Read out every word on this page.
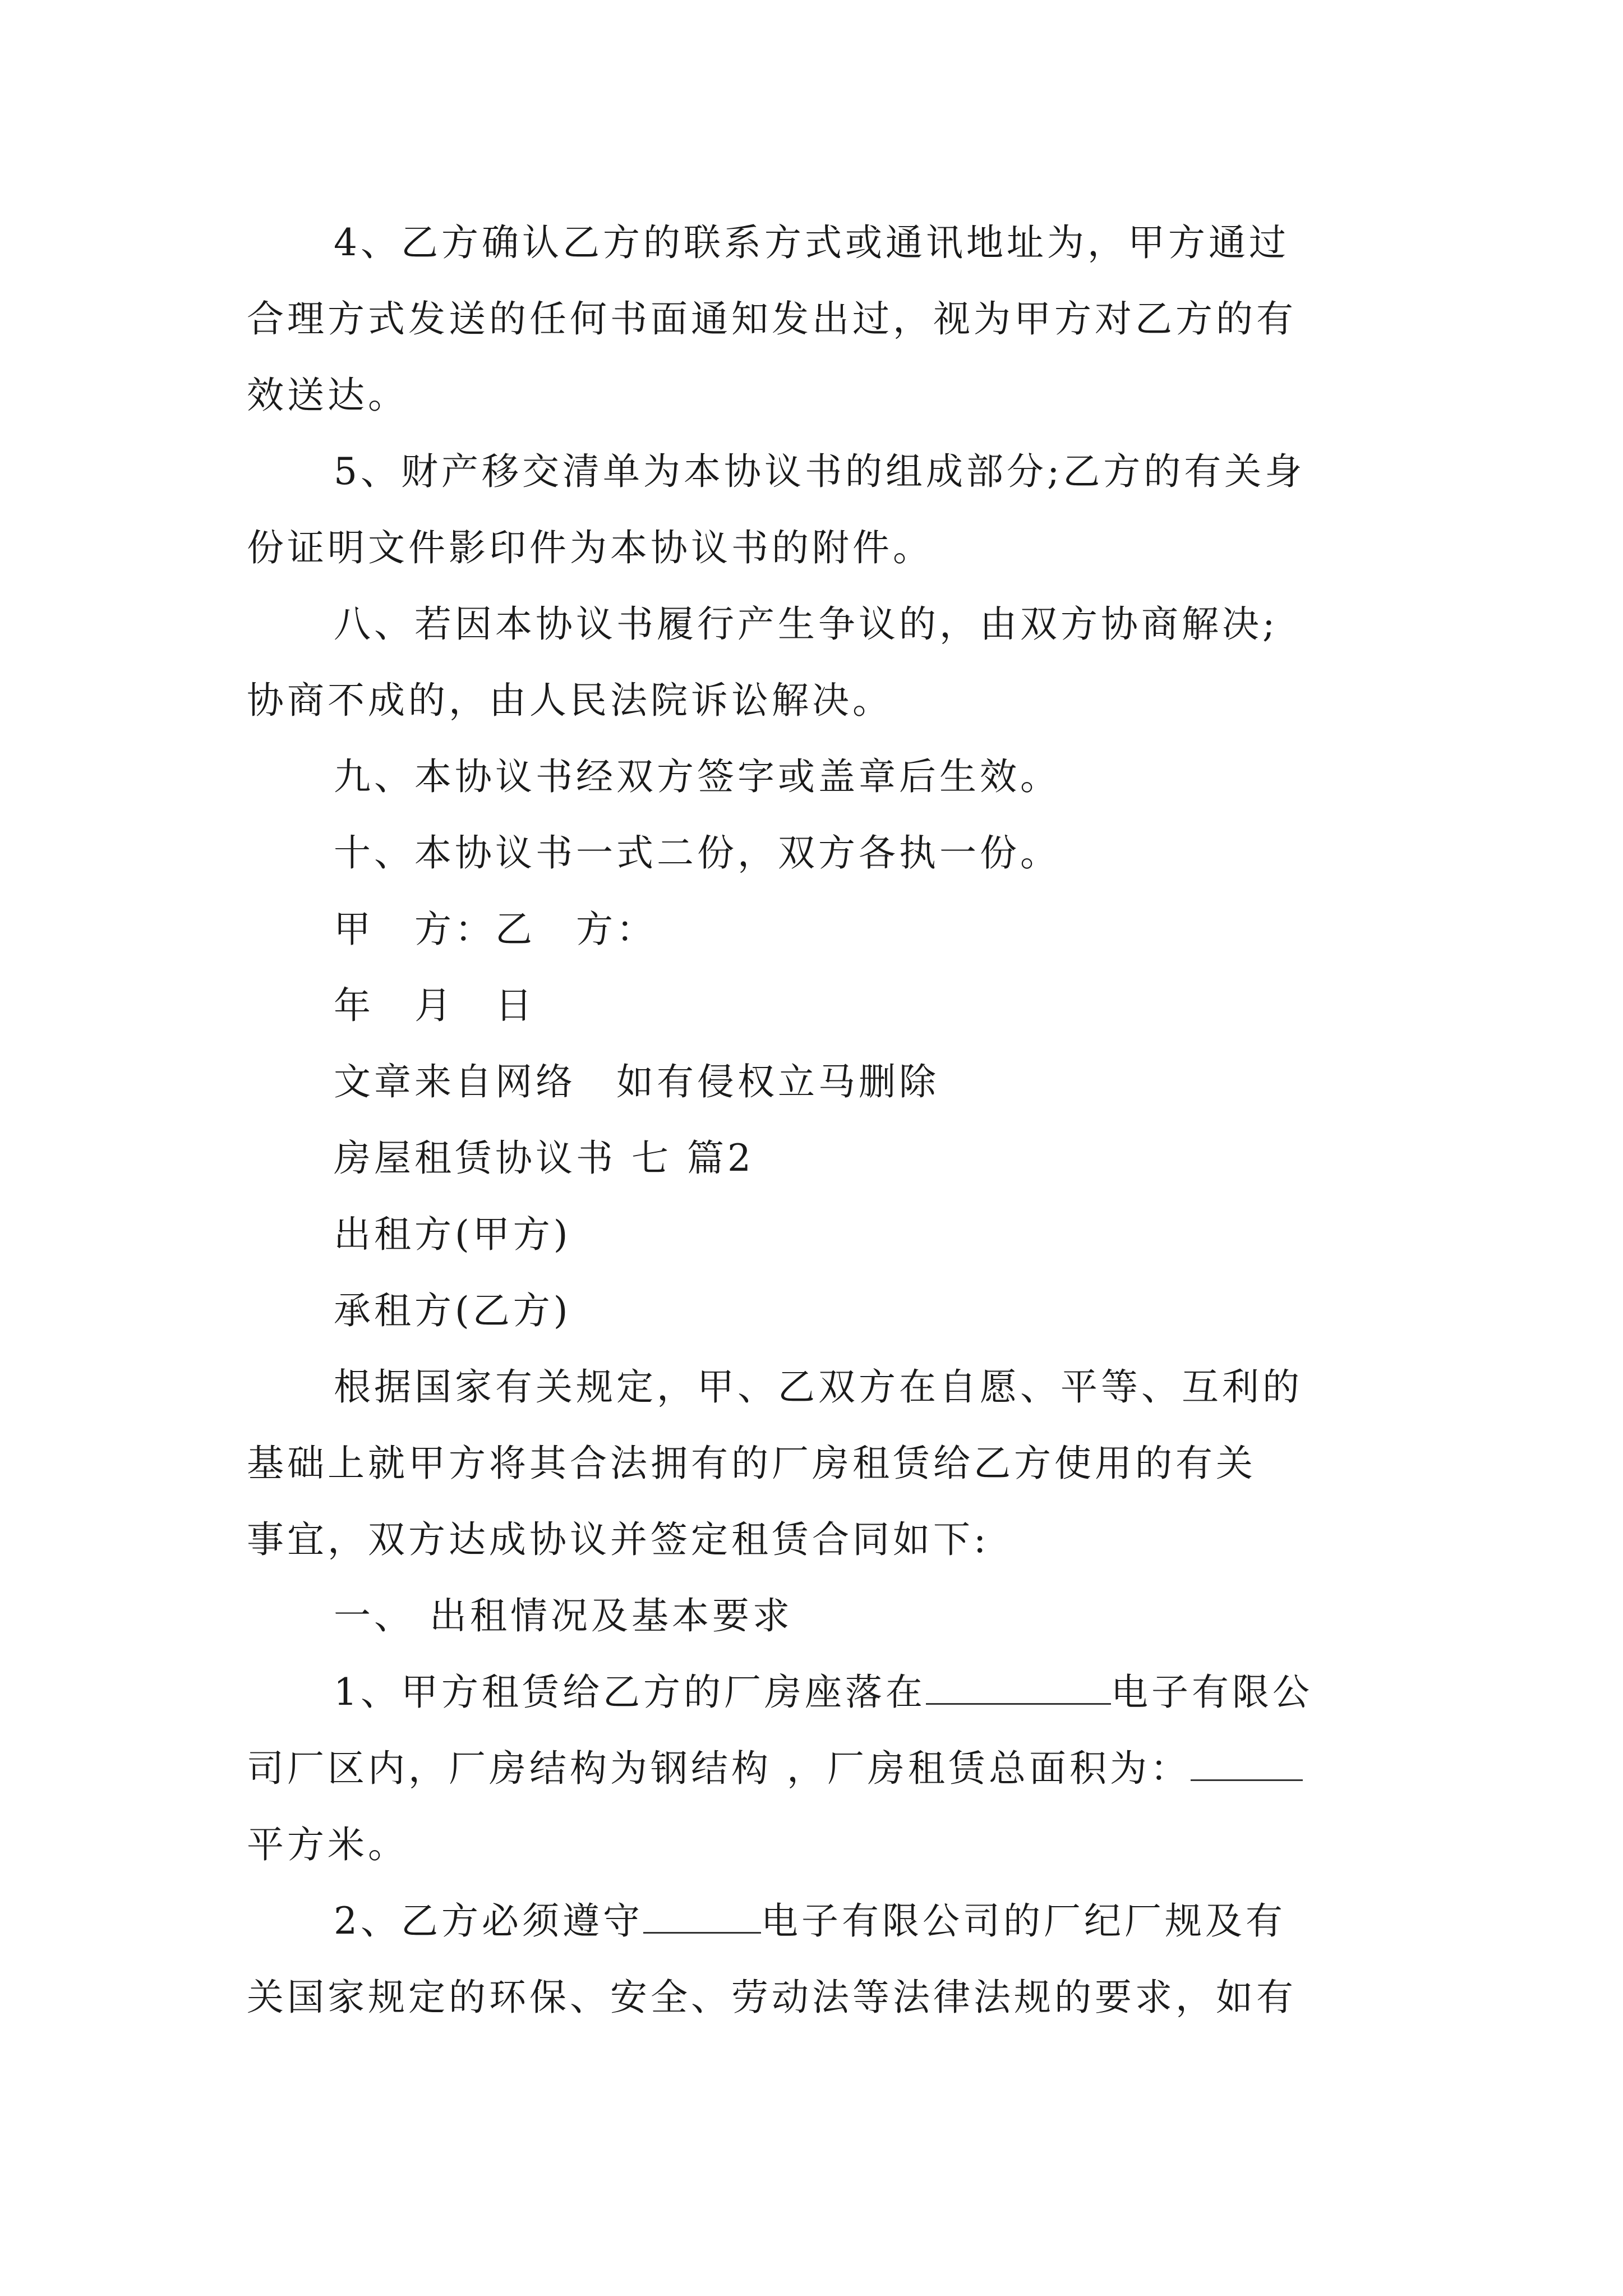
4、乙方确认乙方的联系方式或通讯地址为，甲方通过
合理方式发送的任何书面通知发出过，视为甲方对乙方的有
效送达。
5、财产移交清单为本协议书的组成部分;乙方的有关身
份证明文件影印件为本协议书的附件。
八、若因本协议书履行产生争议的，由双方协商解决;
协商不成的，由人民法院诉讼解决。
九、本协议书经双方签字或盖章后生效。
十、本协议书一式二份，双方各执一份。
甲　方：乙　方：
年　月　日
文章来自网络　如有侵权立马删除
房屋租赁协议书 七 篇2
出租方(甲方)
承租方(乙方)
根据国家有关规定，甲、乙双方在自愿、平等、互利的
基础上就甲方将其合法拥有的厂房租赁给乙方使用的有关
事宜，双方达成协议并签定租赁合同如下:
一、 出租情况及基本要求
1、甲方租赁给乙方的厂房座落在	电子有限公
司厂区内，厂房结构为钢结构 ，厂房租赁总面积为：
平方米。
2、乙方必须遵守	电子有限公司的厂纪厂规及有
关国家规定的环保、安全、劳动法等法律法规的要求，如有
